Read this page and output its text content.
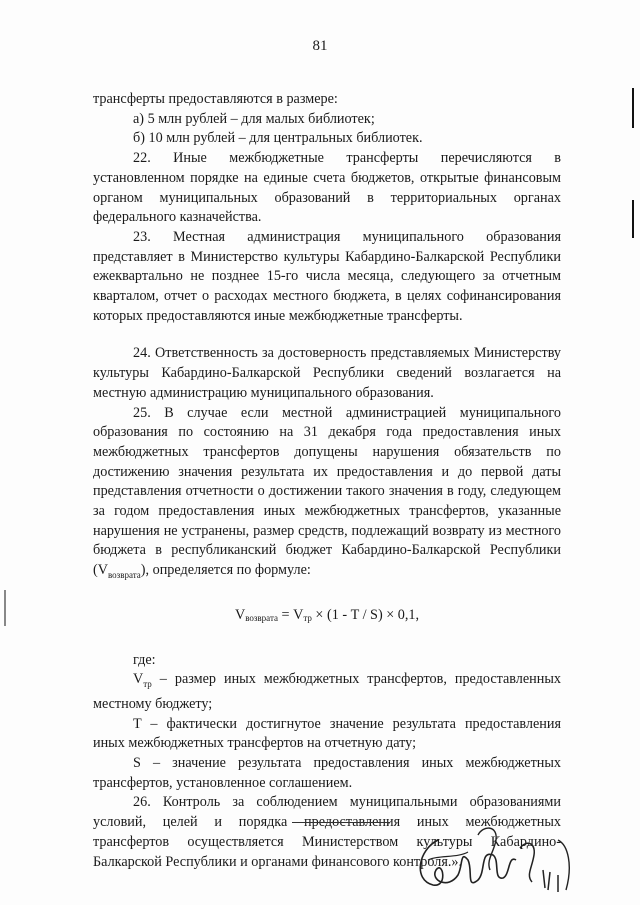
81

трансферты предоставляются в размере:

а) 5 млн рублей – для малых библиотек;

б) 10 млн рублей – для центральных библиотек.

22. Иные межбюджетные трансферты перечисляются в установленном порядке на единые счета бюджетов, открытые финансовым органом муниципальных образований в территориальных органах федерального казначейства.

23. Местная администрация муниципального образования представляет в Министерство культуры Кабардино-Балкарской Республики ежеквартально не позднее 15-го числа месяца, следующего за отчетным кварталом, отчет о расходах местного бюджета, в целях софинансирования которых предоставляются иные межбюджетные трансферты.

24. Ответственность за достоверность представляемых Министерству культуры Кабардино-Балкарской Республики сведений возлагается на местную администрацию муниципального образования.

25. В случае если местной администрацией муниципального образования по состоянию на 31 декабря года предоставления иных межбюджетных трансфертов допущены нарушения обязательств по достижению значения результата их предоставления и до первой даты представления отчетности о достижении такого значения в году, следующем за годом предоставления иных межбюджетных трансфертов, указанные нарушения не устранены, размер средств, подлежащий возврату из местного бюджета в республиканский бюджет Кабардино-Балкарской Республики $(V_{возврата})$, определяется по формуле:

$V_{возврата} = V_{тр} \times (1 - T / S) \times 0,1$,

где:

$V_{тр}$ – размер иных межбюджетных трансфертов, предоставленных местному бюджету;

T – фактически достигнутое значение результата предоставления иных межбюджетных трансфертов на отчетную дату;

S – значение результата предоставления иных межбюджетных трансфертов, установленное соглашением.

26. Контроль за соблюдением муниципальными образованиями условий, целей и порядка предоставления иных межбюджетных трансфертов осуществляется Министерством культуры Кабардино-Балкарской Республики и органами финансового контроля.».
